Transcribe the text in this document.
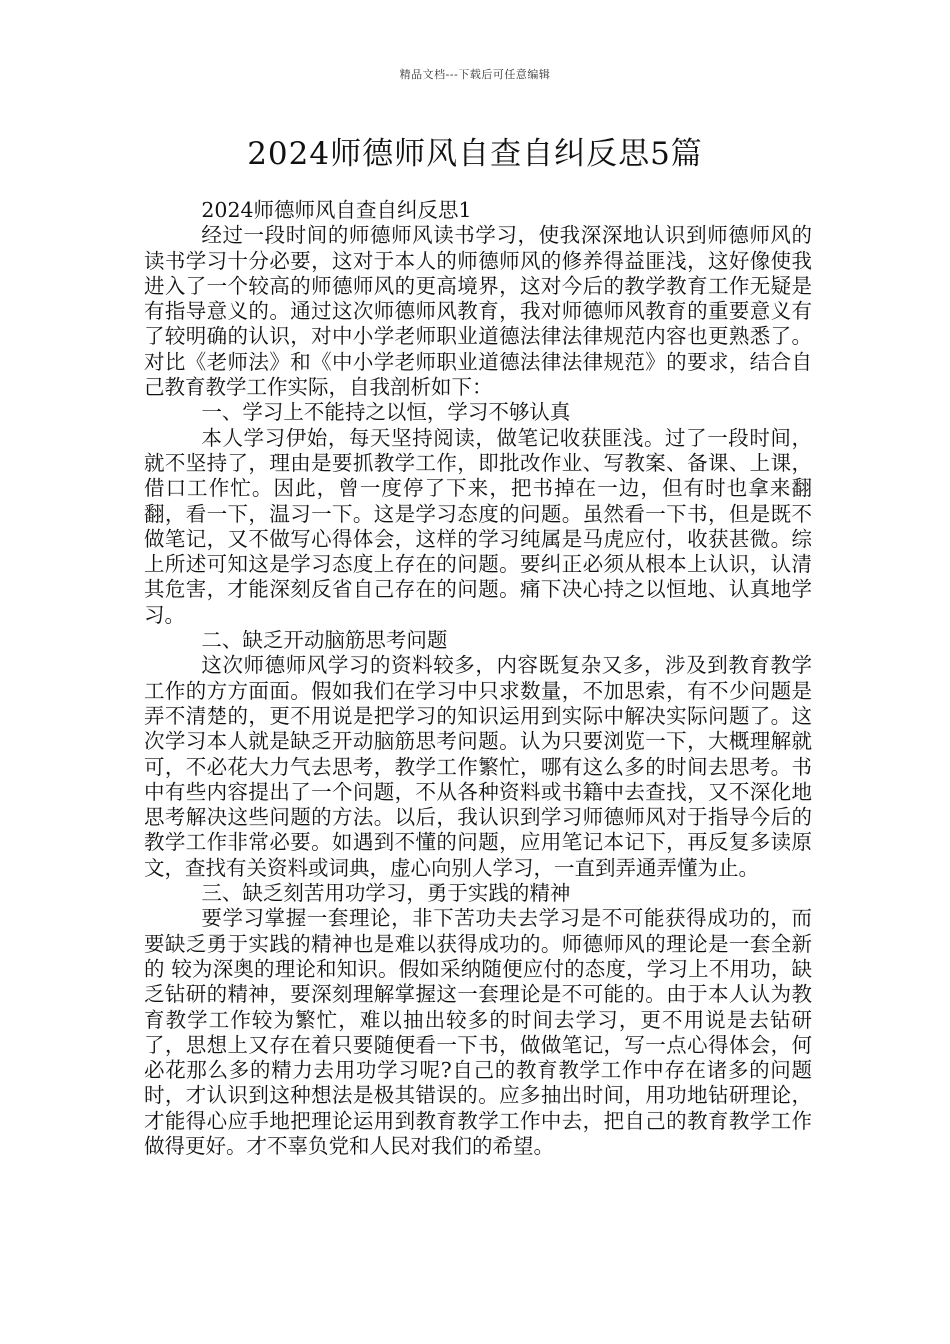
精品文档---下载后可任意编辑
2024师德师风自查自纠反思5篇

2024师德师风自查自纠反思1

经过一段时间的师德师风读书学习，使我深深地认识到师德师风的读书学习十分必要，这对于本人的师德师风的修养得益匪浅，这好像使我进入了一个较高的师德师风的更高境界，这对今后的教学教育工作无疑是有指导意义的。通过这次师德师风教育，我对师德师风教育的重要意义有了较明确的认识，对中小学老师职业道德法律法律规范内容也更熟悉了。对比《老师法》和《中小学老师职业道德法律法律规范》的要求，结合自己教育教学工作实际，自我剖析如下：

一、学习上不能持之以恒，学习不够认真

本人学习伊始，每天坚持阅读，做笔记收获匪浅。过了一段时间，就不坚持了，理由是要抓教学工作，即批改作业、写教案、备课、上课，借口工作忙。因此，曾一度停了下来，把书掉在一边，但有时也拿来翻翻，看一下，温习一下。这是学习态度的问题。虽然看一下书，但是既不做笔记，又不做写心得体会，这样的学习纯属是马虎应付，收获甚微。综上所述可知这是学习态度上存在的问题。要纠正必须从根本上认识，认清其危害，才能深刻反省自己存在的问题。痛下决心持之以恒地、认真地学习。

二、缺乏开动脑筋思考问题

这次师德师风学习的资料较多，内容既复杂又多，涉及到教育教学工作的方方面面。假如我们在学习中只求数量，不加思索，有不少问题是弄不清楚的，更不用说是把学习的知识运用到实际中解决实际问题了。这次学习本人就是缺乏开动脑筋思考问题。认为只要浏览一下，大概理解就可，不必花大力气去思考，教学工作繁忙，哪有这么多的时间去思考。书中有些内容提出了一个问题，不从各种资料或书籍中去查找，又不深化地思考解决这些问题的方法。以后，我认识到学习师德师风对于指导今后的教学工作非常必要。如遇到不懂的问题，应用笔记本记下，再反复多读原文，查找有关资料或词典，虚心向别人学习，一直到弄通弄懂为止。

三、缺乏刻苦用功学习，勇于实践的精神

要学习掌握一套理论，非下苦功夫去学习是不可能获得成功的，而要缺乏勇于实践的精神也是难以获得成功的。师德师风的理论是一套全新的 较为深奥的理论和知识。假如采纳随便应付的态度，学习上不用功，缺乏钻研的精神，要深刻理解掌握这一套理论是不可能的。由于本人认为教育教学工作较为繁忙，难以抽出较多的时间去学习，更不用说是去钻研了，思想上又存在着只要随便看一下书，做做笔记，写一点心得体会，何必花那么多的精力去用功学习呢?自己的教育教学工作中存在诸多的问题时，才认识到这种想法是极其错误的。应多抽出时间，用功地钻研理论，才能得心应手地把理论运用到教育教学工作中去，把自己的教育教学工作做得更好。才不辜负党和人民对我们的希望。
